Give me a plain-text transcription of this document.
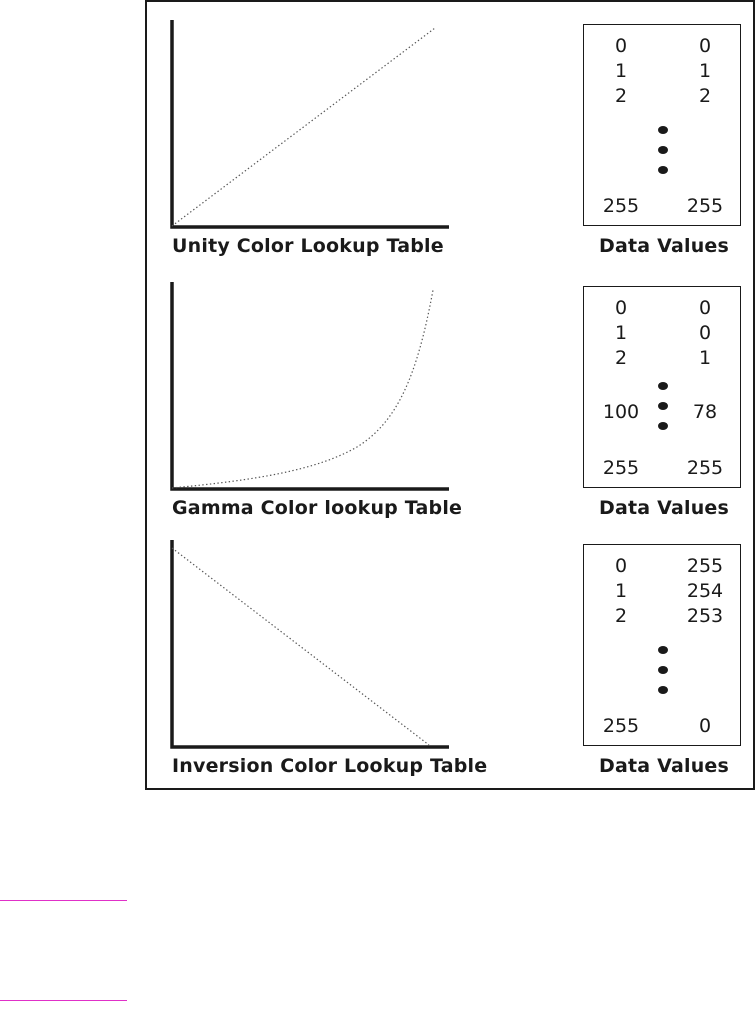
Unity Color Lookup Table
0	0
1	1
2	2
255	255
Data Values
Gamma Color lookup Table
0	0
1	0
2	1
100	78
255	255
Data Values
Inversion Color Lookup Table
0	255
1	254
2	253
255	0
Data Values
